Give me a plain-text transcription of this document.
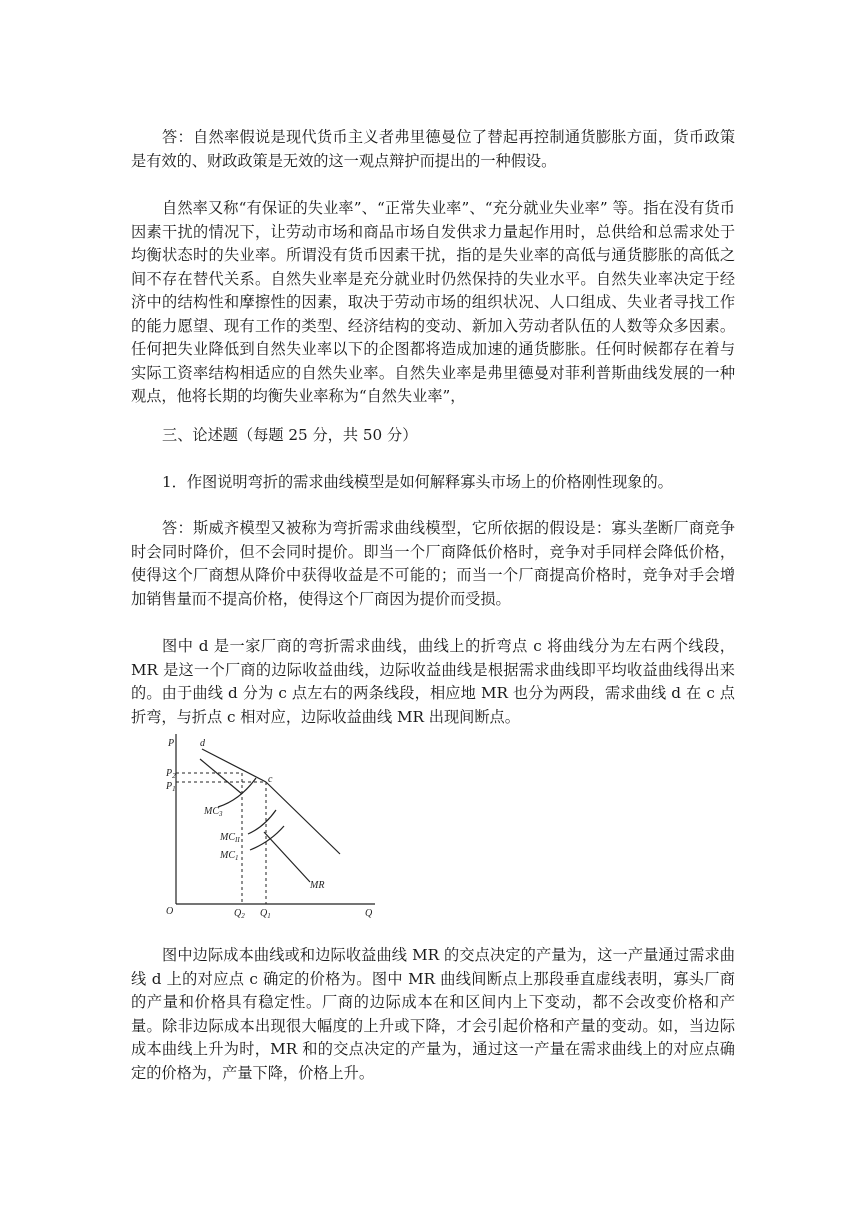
答：自然率假说是现代货币主义者弗里德曼位了替起再控制通货膨胀方面，货币政策是有效的、财政政策是无效的这一观点辩护而提出的一种假设。

自然率又称“有保证的失业率”、“正常失业率”、“充分就业失业率” 等。指在没有货币因素干扰的情况下，让劳动市场和商品市场自发供求力量起作用时，总供给和总需求处于均衡状态时的失业率。所谓没有货币因素干扰，指的是失业率的高低与通货膨胀的高低之间不存在替代关系。自然失业率是充分就业时仍然保持的失业水平。自然失业率决定于经济中的结构性和摩擦性的因素，取决于劳动市场的组织状况、人口组成、失业者寻找工作的能力愿望、现有工作的类型、经济结构的变动、新加入劳动者队伍的人数等众多因素。任何把失业降低到自然失业率以下的企图都将造成加速的通货膨胀。任何时候都存在着与实际工资率结构相适应的自然失业率。自然失业率是弗里德曼对菲利普斯曲线发展的一种观点，他将长期的均衡失业率称为“自然失业率”，

三、论述题（每题 25 分，共 50 分）

1．作图说明弯折的需求曲线模型是如何解释寡头市场上的价格刚性现象的。

答：斯威齐模型又被称为弯折需求曲线模型，它所依据的假设是：寡头垄断厂商竞争时会同时降价，但不会同时提价。即当一个厂商降低价格时，竞争对手同样会降低价格，使得这个厂商想从降价中获得收益是不可能的；而当一个厂商提高价格时，竞争对手会增加销售量而不提高价格，使得这个厂商因为提价而受损。

图中 d 是一家厂商的弯折需求曲线，曲线上的折弯点 c 将曲线分为左右两个线段，MR 是这一个厂商的边际收益曲线，边际收益曲线是根据需求曲线即平均收益曲线得出来的。由于曲线 d 分为 c 点左右的两条线段，相应地 MR 也分为两段，需求曲线 d 在 c 点折弯，与折点 c 相对应，边际收益曲线 MR 出现间断点。

P	d
$P_2$
$P_1$
c
$MC_3$
$MC_{II}$
$MC_1$
MR
O	$Q_2$ $Q_1$	Q

图中边际成本曲线或和边际收益曲线 MR 的交点决定的产量为，这一产量通过需求曲线 d 上的对应点 c 确定的价格为。图中 MR 曲线间断点上那段垂直虚线表明，寡头厂商的产量和价格具有稳定性。厂商的边际成本在和区间内上下变动，都不会改变价格和产量。除非边际成本出现很大幅度的上升或下降，才会引起价格和产量的变动。如，当边际成本曲线上升为时，MR 和的交点决定的产量为，通过这一产量在需求曲线上的对应点确定的价格为，产量下降，价格上升。
